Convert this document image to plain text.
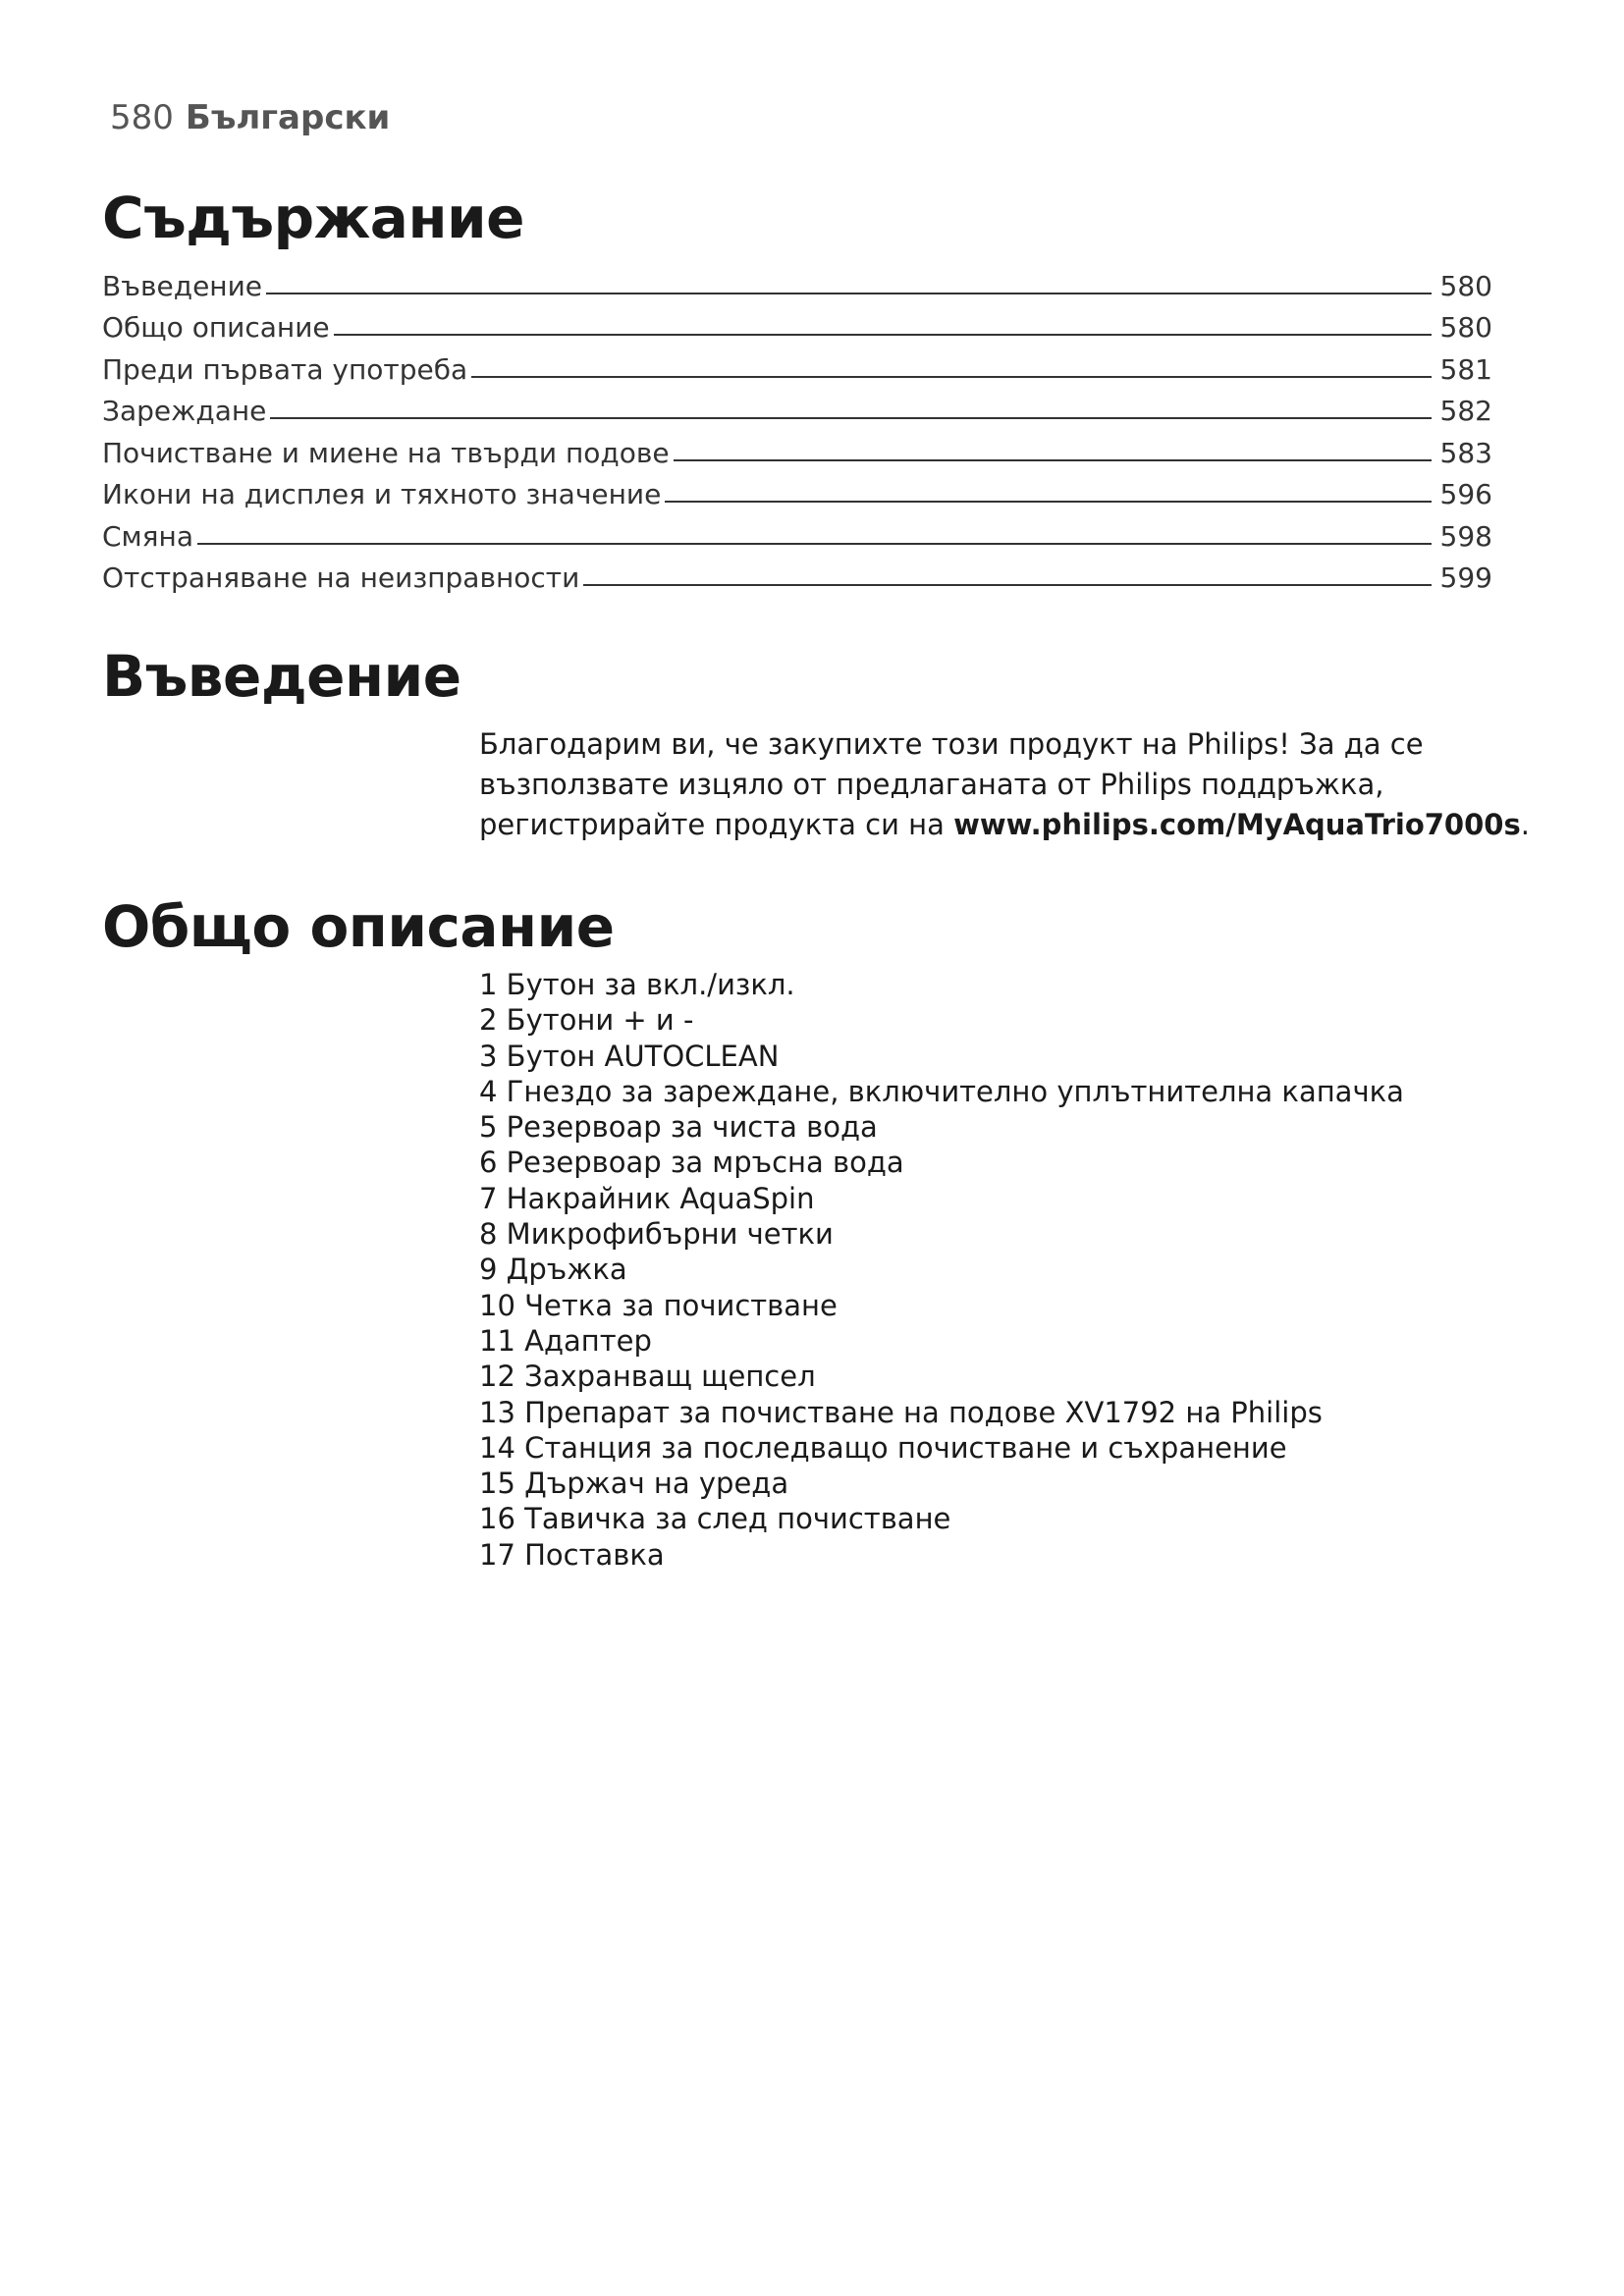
580 Български
Съдържание
Въведение	580
Общо описание	580
Преди първата употреба	581
Зареждане	582
Почистване и миене на твърди подове	583
Икони на дисплея и тяхното значение	596
Смяна	598
Отстраняване на неизправности	599
Въведение

Благодарим ви, че закупихте този продукт на Philips! За да се възползвате изцяло от предлаганата от Philips поддръжка, регистрирайте продукта си на www.philips.com/MyAquaTrio7000s.

Общо описание
1 Бутон за вкл./изкл.
2 Бутони + и -
3 Бутон AUTOCLEAN
4 Гнездо за зареждане, включително уплътнителна капачка
5 Резервоар за чиста вода
6 Резервоар за мръсна вода
7 Накрайник AquaSpin
8 Микрофибърни четки
9 Дръжка
10 Четка за почистване
11 Адаптер
12 Захранващ щепсел
13 Препарат за почистване на подове XV1792 на Philips
14 Станция за последващо почистване и съхранение
15 Държач на уреда
16 Тавичка за след почистване
17 Поставка
